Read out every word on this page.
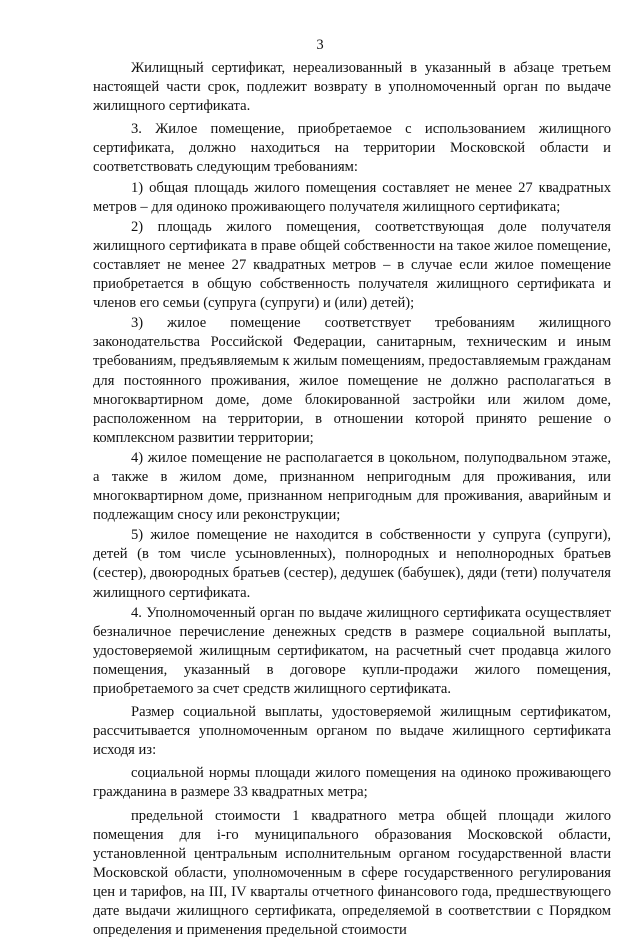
3

Жилищный сертификат, нереализованный в указанный в абзаце третьем настоящей части срок, подлежит возврату в уполномоченный орган по выдаче жилищного сертификата.

3. Жилое помещение, приобретаемое с использованием жилищного сертификата, должно находиться на территории Московской области и соответствовать следующим требованиям:

1) общая площадь жилого помещения составляет не менее 27 квадратных метров – для одиноко проживающего получателя жилищного сертификата;

2) площадь жилого помещения, соответствующая доле получателя жилищного сертификата в праве общей собственности на такое жилое помещение, составляет не менее 27 квадратных метров – в случае если жилое помещение приобретается в общую собственность получателя жилищного сертификата и членов его семьи (супруга (супруги) и (или) детей);

3) жилое помещение соответствует требованиям жилищного законодательства Российской Федерации, санитарным, техническим и иным требованиям, предъявляемым к жилым помещениям, предоставляемым гражданам для постоянного проживания, жилое помещение не должно располагаться в многоквартирном доме, доме блокированной застройки или жилом доме, расположенном на территории, в отношении которой принято решение о комплексном развитии территории;

4) жилое помещение не располагается в цокольном, полуподвальном этаже, а также в жилом доме, признанном непригодным для проживания, или многоквартирном доме, признанном непригодным для проживания, аварийным и подлежащим сносу или реконструкции;

5) жилое помещение не находится в собственности у супруга (супруги), детей (в том числе усыновленных), полнородных и неполнородных братьев (сестер), двоюродных братьев (сестер), дедушек (бабушек), дяди (тети) получателя жилищного сертификата.

4. Уполномоченный орган по выдаче жилищного сертификата осуществляет безналичное перечисление денежных средств в размере социальной выплаты, удостоверяемой жилищным сертификатом, на расчетный счет продавца жилого помещения, указанный в договоре купли-продажи жилого помещения, приобретаемого за счет средств жилищного сертификата.

Размер социальной выплаты, удостоверяемой жилищным сертификатом, рассчитывается уполномоченным органом по выдаче жилищного сертификата исходя из:

социальной нормы площади жилого помещения на одиноко проживающего гражданина в размере 33 квадратных метра;

предельной стоимости 1 квадратного метра общей площади жилого помещения для i-го муниципального образования Московской области, установленной центральным исполнительным органом государственной власти Московской области, уполномоченным в сфере государственного регулирования цен и тарифов, на III, IV кварталы отчетного финансового года, предшествующего дате выдачи жилищного сертификата, определяемой в соответствии с Порядком определения и применения предельной стоимости
